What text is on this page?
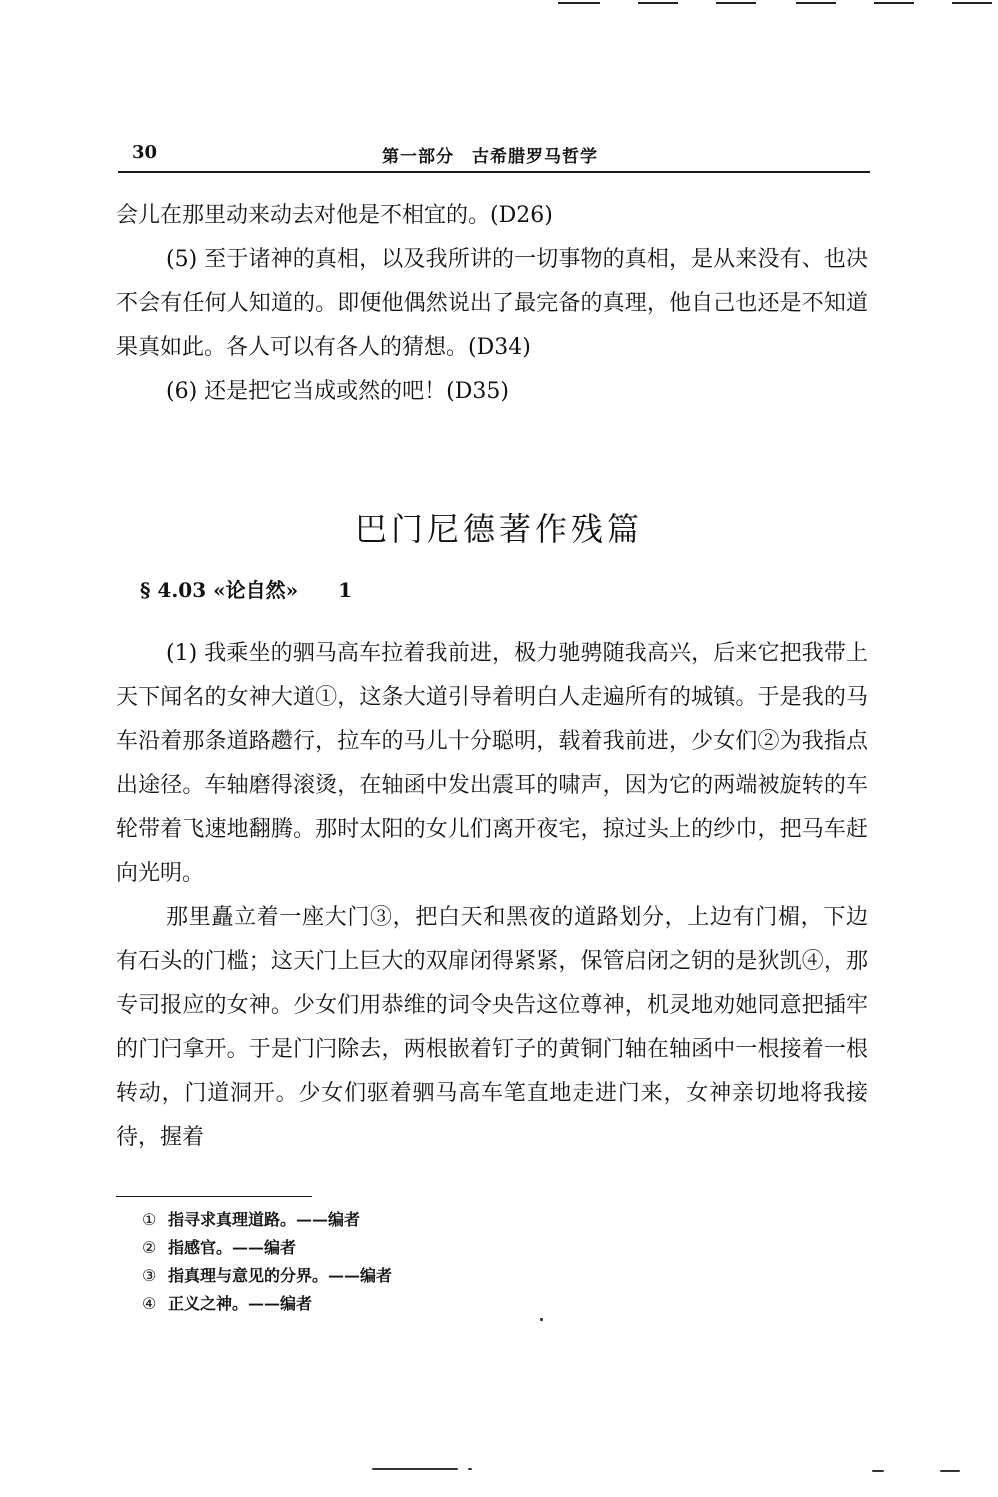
30	第一部分　古希腊罗马哲学

会儿在那里动来动去对他是不相宜的。(D26)

(5) 至于诸神的真相，以及我所讲的一切事物的真相，是从来没有、也决不会有任何人知道的。即便他偶然说出了最完备的真理，他自己也还是不知道果真如此。各人可以有各人的猜想。(D34)

(6) 还是把它当成或然的吧！(D35)

巴门尼德著作残篇
§ 4.03 «论自然» 1

(1) 我乘坐的驷马高车拉着我前进，极力驰骋随我高兴，后来它把我带上天下闻名的女神大道①，这条大道引导着明白人走遍所有的城镇。于是我的马车沿着那条道路趱行，拉车的马儿十分聪明，载着我前进，少女们②为我指点出途径。车轴磨得滚烫，在轴函中发出震耳的啸声，因为它的两端被旋转的车轮带着飞速地翻腾。那时太阳的女儿们离开夜宅，掠过头上的纱巾，把马车赶向光明。

那里矗立着一座大门③，把白天和黑夜的道路划分，上边有门楣，下边有石头的门槛；这天门上巨大的双扉闭得紧紧，保管启闭之钥的是狄凯④，那专司报应的女神。少女们用恭维的词令央告这位尊神，机灵地劝她同意把插牢的门闩拿开。于是门闩除去，两根嵌着钉子的黄铜门轴在轴函中一根接着一根转动，门道洞开。少女们驱着驷马高车笔直地走进门来，女神亲切地将我接待，握着

① 指寻求真理道路。——编者
② 指感官。——编者
③ 指真理与意见的分界。——编者
④ 正义之神。——编者
